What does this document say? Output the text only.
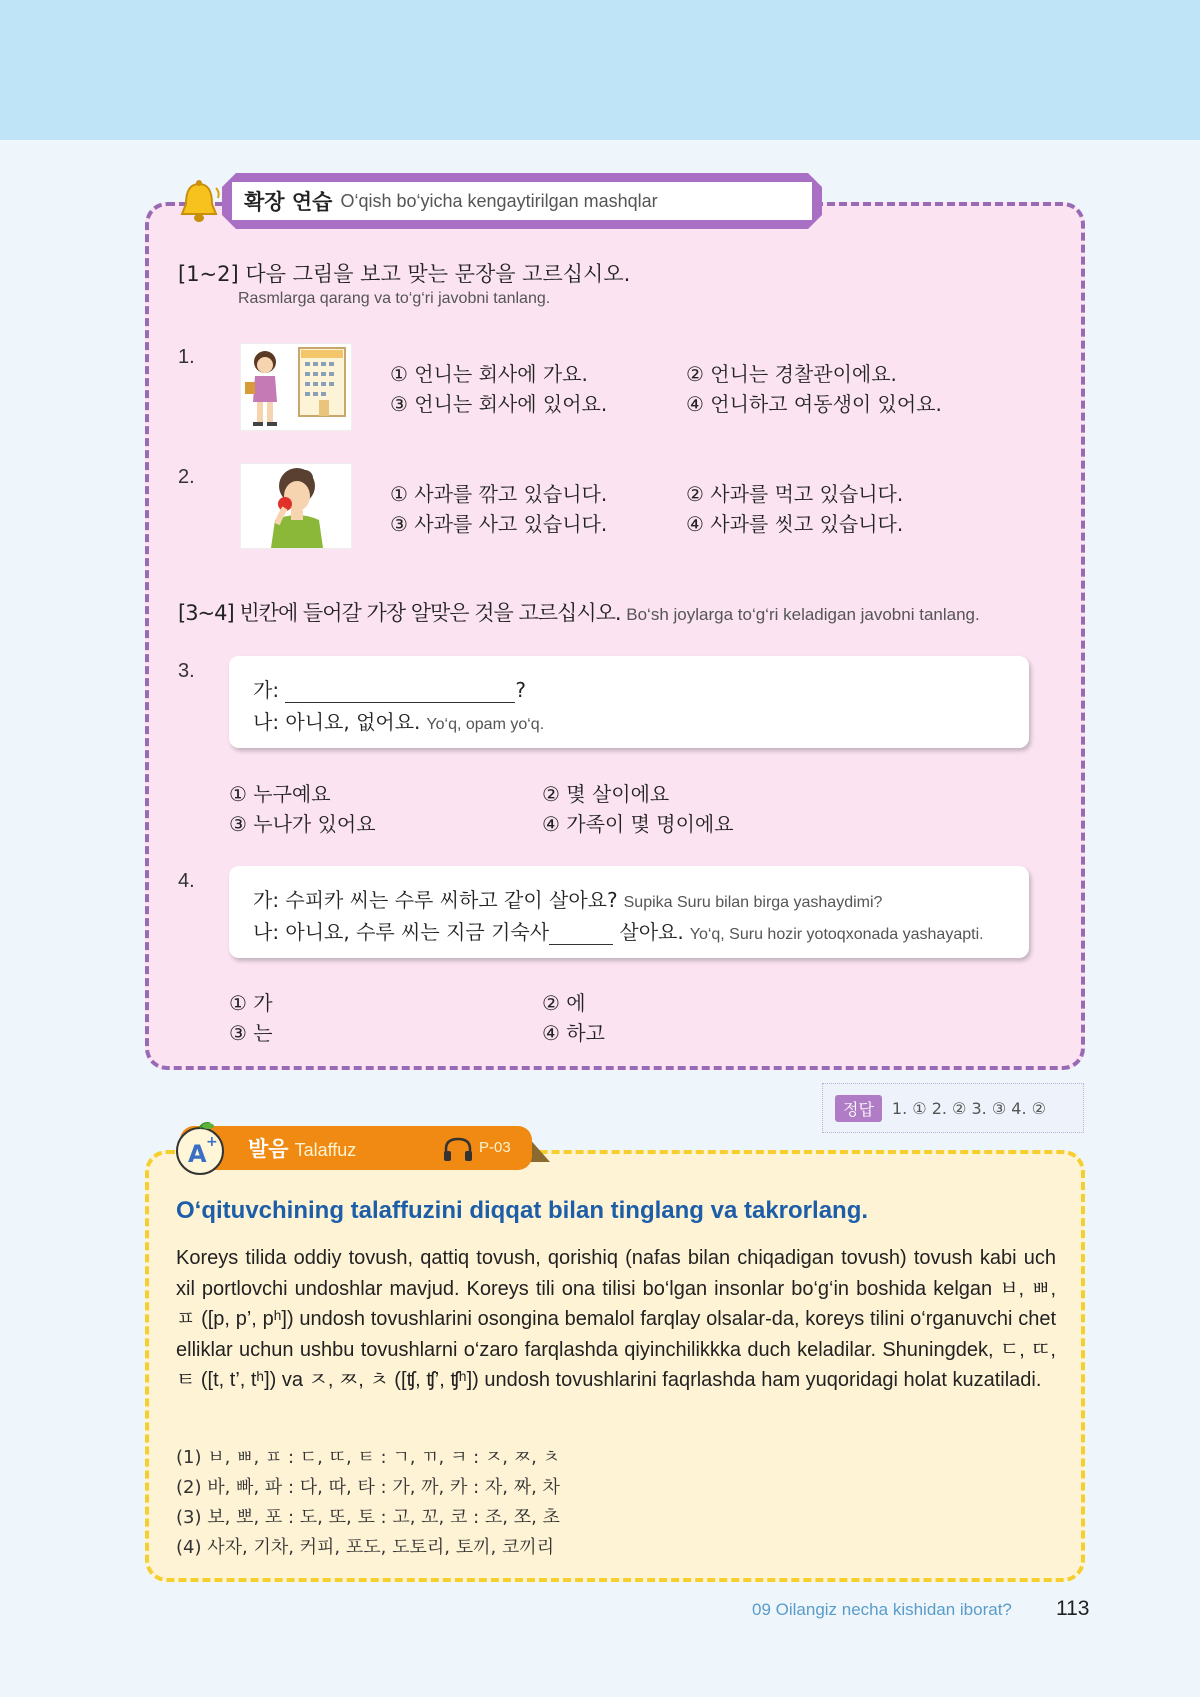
확장 연습 O‘qish bo‘yicha kengaytirilgan mashqlar
[1~2] 다음 그림을 보고 맞는 문장을 고르십시오.
Rasmlarga qarang va to‘g‘ri javobni tanlang.
1.
① 언니는 회사에 가요.	② 언니는 경찰관이에요.
③ 언니는 회사에 있어요.	④ 언니하고 여동생이 있어요.
2.
① 사과를 깎고 있습니다.	② 사과를 먹고 있습니다.
③ 사과를 사고 있습니다.	④ 사과를 씻고 있습니다.
[3~4] 빈칸에 들어갈 가장 알맞은 것을 고르십시오. Bo‘sh joylarga to‘g‘ri keladigan javobni tanlang.
3.
가:	?
나: 아니요, 없어요. Yo‘q, opam yo‘q.
① 누구예요	② 몇 살이에요
③ 누나가 있어요	④ 가족이 몇 명이에요
4.
가: 수피카 씨는 수루 씨하고 같이 살아요? Supika Suru bilan birga yashaydimi?
나: 아니요, 수루 씨는 지금 기숙사	살아요. Yo‘q, Suru hozir yotoqxonada yashayapti.
① 가	② 에
③ 는	④ 하고
정답	1. ① 2. ② 3. ③ 4. ②
A + 발음 Talaffuz	P-03
O‘qituvchining talaffuzini diqqat bilan tinglang va takrorlang.
Koreys tilida oddiy tovush, qattiq tovush, qorishiq (nafas bilan chiqadigan tovush) tovush kabi uch xil portlovchi undoshlar mavjud. Koreys tili ona tilisi bo‘lgan insonlar bo‘g‘in boshida kelgan ㅂ, ㅃ, ㅍ ([p, p’, pʰ]) undosh tovushlarini osongina bemalol farqlay olsalar-da, koreys tilini o‘rganuvchi chet elliklar uchun ushbu tovushlarni o‘zaro farqlashda qiyinchilikkka duch keladilar. Shuningdek, ㄷ, ㄸ, ㅌ ([t, t’, tʰ]) va ㅈ, ㅉ, ㅊ ([ʧ, ʧ’, ʧʰ]) undosh tovushlarini faqrlashda ham yuqoridagi holat kuzatiladi.
(1) ㅂ, ㅃ, ㅍ : ㄷ, ㄸ, ㅌ : ㄱ, ㄲ, ㅋ : ㅈ, ㅉ, ㅊ
(2) 바, 빠, 파 : 다, 따, 타 : 가, 까, 카 : 자, 짜, 차
(3) 보, 뽀, 포 : 도, 또, 토 : 고, 꼬, 코 : 조, 쪼, 초
(4) 사자, 기차, 커피, 포도, 도토리, 토끼, 코끼리
09 Oilangiz necha kishidan iborat? 113
